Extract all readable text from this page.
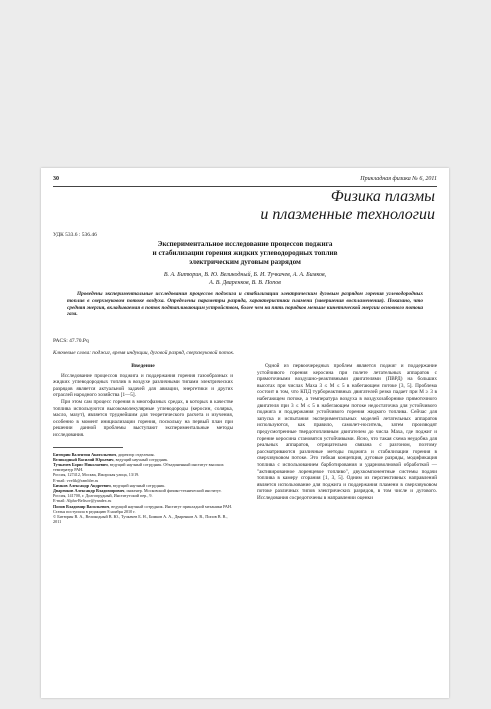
30	Прикладная физика № 6, 2011
Физика плазмы
и плазменные технологии
УДК 533.6 : 536.46
Экспериментальное исследование процессов поджига
и стабилизации горения жидких углеводородных топлив
электрическим дуговым разрядом
В. А. Битюрин, В. Ю. Великодный, Б. И. Тучкачев, А. А. Бимков,
А. В. Дваренков, В. В. Попов
Проведены экспериментальные исследования процессов поджига и стабилизации электрическим дуговым разрядом горения углеводородных топлив в сверхзвуковом потоке воздуха. Определены параметры разряда, характеристики пламени (завершения воспламенения). Показано, что средняя энергия, вкладываемая в поток подтапливающим устройством, более чем на пять порядков меньше кинетической энергии основного потока газа.
PACS: 47.70.Pq
Ключевые слова: поджиг, время индукции, дуговой разряд, сверхзвуковой поток.
Введение

Исследование процессов поджига и поддержания горения газообразных и жидких углеводородных топлив в воздухе различными типами электрических разрядов является актуальной задачей для авиации, энергетики и других отраслей народного хозяйства [1—5].

При этом сам процесс горения в многофазных средах, в которых в качестве топлива используются высокомолекулярные углеводороды (керосин, солярка, масло, мазут), является труднейшим для теоретического расчета и изучения, особенно в момент инициализации горения, поскольку на первый план при решении данной проблемы выступают экспериментальные методы исследования.

Битюрин Валентин Анатольевич, директор отделения.
Великодный Василий Юрьевич, ведущий научный сотрудник.
Тучкачев Борис Николаевич, ведущий научный сотрудник. Объединенный институт высоких температур РАН.
Россия, 127412, Москва, Ижорская улица, 13/19.
E-mail: vvelik@rambler.ru
Бимков Александр Андреевич, ведущий научный сотрудник.
Дваренков Александр Владимирович, инженер. Московский физико-технический институт.
Россия, 141700, г. Долгопрудный, Институтский пер., 9.
E-mail: Alpha-Beltsov@yandex.ru
Попов Владимир Васильевич, ведущий научный сотрудник. Институт прикладной механики РАН.
Статья поступила в редакцию 8 ноября 2010 г.
© Битюрин В. А., Великодный В. Ю., Тучкачев Б. Н., Бимков А. А., Дваренков А. В., Попов В. В., 2011

Одной из первоочередных проблем является поджиг и поддержание устойчивого горения керосина при полете летательных аппаратов с прямоточными воздушно-реактивными двигателями (ПВРД) на больших высотах при числах Маха 3 ≤ M ≤ 5 в набегающем потоке [3, 5]. Проблема состоит в том, что КПД турбореактивных двигателей резко падает при M ≥ 3 в набегающем потоке, а температура воздуха в воздухозаборнике прямоточного двигателя при 3 ≤ M ≤ 5 в набегающем потоке недостаточна для устойчивого поджига и поддержания устойчивого горения жидкого топлива. Сейчас для запуска и испытания экспериментальных моделей летательных аппаратов используются, как правило, самолет-носитель, затем производят предусмотренные твердотопливным двигателем до числа Маха, где поджиг и горение керосина становятся устойчивыми. Ясно, что такая схема неудобна для реальных аппаратов, отрицательно связана с разгоном, поэтому рассматриваются различные методы поджига и стабилизации горения в сверхзвуковом потоке. Это гибкая концепция, дуговые разряды, модификация топлива с использованием барботирования и ударноволновой обработкой — "активированное лоренцевое топливо", двухкомпонентные системы подачи топлива в камеру сгорания [1, 3, 5]. Одним из перспективных направлений является использование для поджига и поддержания пламени в сверхзвуковом потоке различных типов электрических разрядов, в том числе и дугового. Исследования сосредоточены в направлении оценки
